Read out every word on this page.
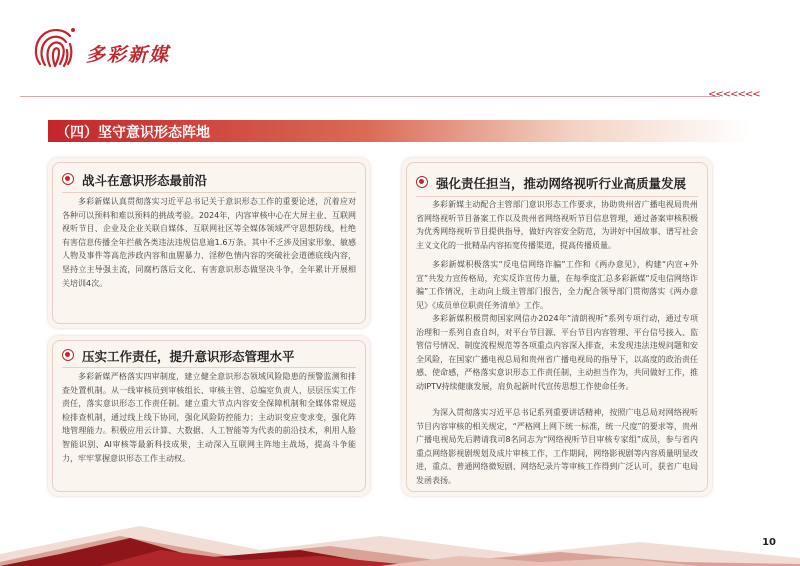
多彩新媒
<<<<<<<
（四）坚守意识形态阵地
战斗在意识形态最前沿

多彩新媒认真贯彻落实习近平总书记关于意识形态工作的重要论述，沉着应对各种可以预料和难以预料的挑战考验。2024年，内容审核中心在大屏主业、互联网视听节目、企业及企业关联自媒体、互联网社区等全媒体领域严守思想防线，杜绝有害信息传播全年拦截各类违法违规信息逾1.6万条。其中不乏涉及国家形象、敏感人物及事件等高危涉政内容和血腥暴力、淫秽色情内容的突破社会道德底线内容，坚持立主导强主流，同腐朽落后文化、有害意识形态做坚决斗争，全年累计开展相关培训4次。

压实工作责任，提升意识形态管理水平

多彩新媒严格落实四审制度，建立健全意识形态领域风险隐患的预警监测和排查处置机制。从一线审核员到审核组长、审核主管、总编室负责人，层层压实工作责任，落实意识形态工作责任制。建立重大节点内容安全保障机制和全媒体常规巡检排查机制，通过线上线下协同，强化风险防控能力；主动识变应变求变，强化阵地管理能力。积极应用云计算、大数据、人工智能等为代表的前沿技术，利用人脸智能识别、AI审核等最新科技成果，主动深入互联网主阵地主战场，提高斗争能力，牢牢掌握意识形态工作主动权。

强化责任担当，推动网络视听行业高质量发展

多彩新媒主动配合主管部门意识形态工作要求，协助贵州省广播电视局贵州省网络视听节目备案工作以及贵州省网络视听节目信息管理，通过备案审核积极为优秀网络视听节目提供指导，做好内容安全防范，为讲好中国故事、谱写社会主义文化的一批精品内容拓宽传播渠道，提高传播质量。

多彩新媒积极落实“反电信网络诈骗”工作和《两办意见》，构建“内宣+外宣”共发力宣传格局，充实反诈宣传力量，在每季度汇总多彩新媒“反电信网络诈骗”工作情况，主动向上级主管部门报告，全力配合领导部门贯彻落实《两办意见》《成员单位职责任务清单》工作。

多彩新媒积极贯彻国家网信办2024年“清朗视听”系列专项行动，通过专项治理和一系列自查自纠，对平台节目源、平台节目内容管理、平台信号接入、监管信号情况、制度流程规范等各项重点内容深入排查，未发现违法违规问题和安全风险，在国家广播电视总局和贵州省广播电视局的指导下，以高度的政治责任感、使命感，严格落实意识形态工作责任制，主动担当作为，共同做好工作，推动IPTV持续健康发展，肩负起新时代宣传思想工作使命任务。

为深入贯彻落实习近平总书记系列重要讲话精神，按照广电总局对网络视听节目内容审核的相关规定，“严格网上网下统一标准，统一尺度”的要求等，贵州广播电视局先后聘请我司8名同志为“网络视听节目审核专家组”成员，参与省内重点网络影视剧规划及成片审核工作，工作期间，网络影视剧等内容质量明显改进，重点、普通网络微短剧、网络纪录片等审核工作得到广泛认可，获省广电局发函表扬。

10
